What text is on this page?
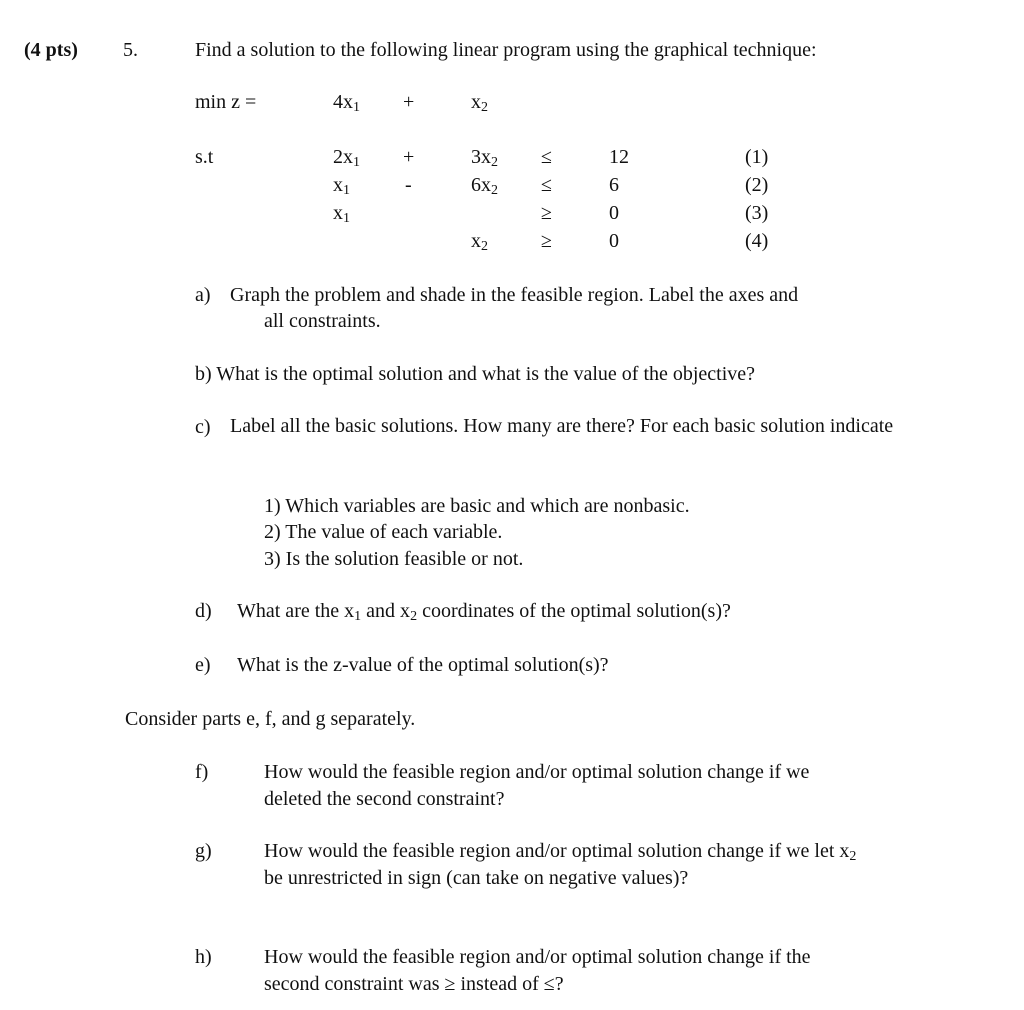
(4 pts) 5.	Find a solution to the following linear program using the graphical technique:
min z =	$4x_1$ +	$x_2$
s.t	$2x_1$ +	$3x_2$ ≤	12	(1)
$x_1$	-	$6x_2$ ≤	6	(2)
$x_1$	≥	0	(3)
$x_2$	≥	0	(4)
a) Graph the problem and shade in the feasible region. Label the axes and
all constraints.
b) What is the optimal solution and what is the value of the objective?
c) Label all the basic solutions. How many are there? For each basic solution indicate
1) Which variables are basic and which are nonbasic.
2) The value of each variable.
3) Is the solution feasible or not.
d) What are the $x_1$ and $x_2$ coordinates of the optimal solution(s)?
e) What is the z-value of the optimal solution(s)?
Consider parts e, f, and g separately.
f)	How would the feasible region and/or optimal solution change if we
deleted the second constraint?
g)	How would the feasible region and/or optimal solution change if we let $x_2$
be unrestricted in sign (can take on negative values)?
h)	How would the feasible region and/or optimal solution change if the
second constraint was ≥ instead of ≤?
